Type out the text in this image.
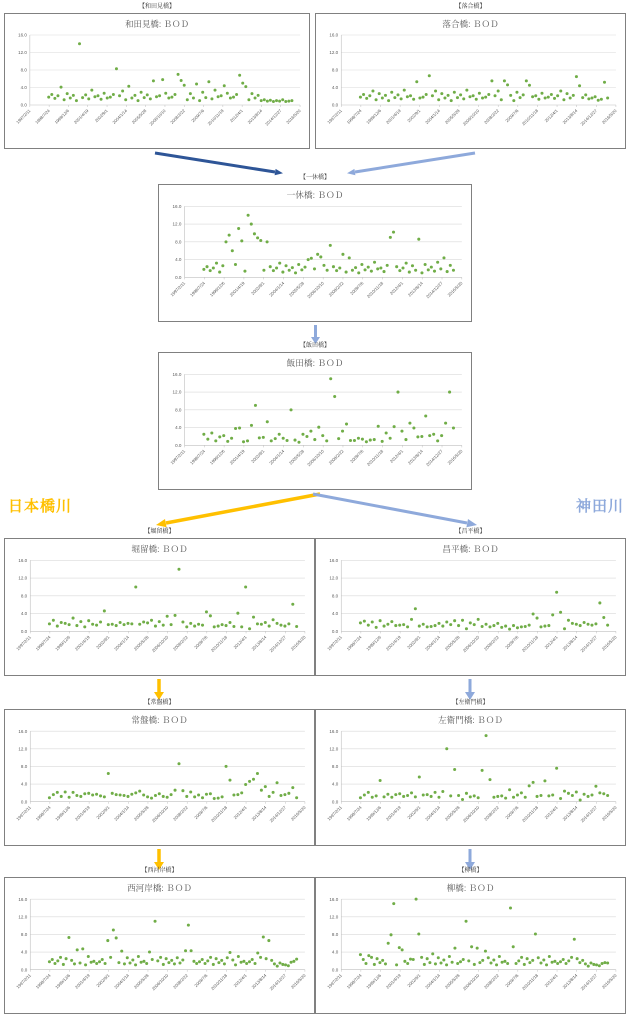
【和田見橋】	【落合橋】
和田見橋: ＢＯＤ
0.0
4.0
8.0
12.0
16.0
1997/2/11 1998/7/24 1999/12/6 2001/4/19 2002/9/1 2004/1/14 2005/5/28 2006/10/10 2008/2/22 2009/7/6 2010/11/18 2012/4/1 2013/8/14 2014/12/27 2016/5/20
落合橋: ＢＯＤ
0.0
4.0
8.0
12.0
16.0
1997/2/11 1998/7/24 1999/12/6 2001/4/19 2002/9/1 2004/1/14 2005/5/28 2006/10/10 2008/2/22 2009/7/6 2010/11/18 2012/4/1 2013/8/14 2014/12/27 2016/5/20
【一休橋】
一休橋: ＢＯＤ
0.0
4.0
8.0
12.0
16.0
1997/2/11 1998/7/24 1999/12/6 2001/4/19 2002/9/1 2004/1/14 2005/5/28 2006/10/10 2008/2/22 2009/7/6 2010/11/18 2012/4/1 2013/8/14 2014/12/27 2016/5/20
【飯田橋】
飯田橋: ＢＯＤ
0.0
4.0
8.0
12.0
16.0
1997/2/11 1998/7/24 1999/12/6 2001/4/19 2002/9/1 2004/1/14 2005/5/28 2006/10/10 2008/2/22 2009/7/6 2010/11/18 2012/4/1 2013/8/14 2014/12/27 2016/5/20
日本橋川	神田川
【堀留橋】	【昌平橋】
堀留橋: ＢＯＤ
0.0
4.0
8.0
12.0
16.0
1997/2/11 1998/7/24 1999/12/6 2001/4/19 2002/9/1 2004/1/14 2005/5/28 2006/10/10 2008/2/22 2009/7/6 2010/11/18 2012/4/1 2013/8/14 2014/12/27 2016/5/20
昌平橋: ＢＯＤ
0.0
4.0
8.0
12.0
16.0
1997/2/11 1998/7/24 1999/12/6 2001/4/19 2002/9/1 2004/1/14 2005/5/28 2006/10/10 2008/2/22 2009/7/6 2010/11/18 2012/4/1 2013/8/14 2014/12/27 2016/5/20
【常盤橋】	【左衛門橋】
常盤橋: ＢＯＤ
0.0
4.0
8.0
12.0
16.0
1997/2/11 1998/7/24 1999/12/6 2001/4/19 2002/9/1 2004/1/14 2005/5/28 2006/10/10 2008/2/22 2009/7/6 2010/11/18 2012/4/1 2013/8/14 2014/12/27 2016/5/20
左衛門橋: ＢＯＤ
0.0
4.0
8.0
12.0
16.0
1997/2/11 1998/7/24 1999/12/6 2001/4/19 2002/9/1 2004/1/14 2005/5/28 2006/10/10 2008/2/22 2009/7/6 2010/11/18 2012/4/1 2013/8/14 2014/12/27 2016/5/20
【西河岸橋】	【柳橋】
西河岸橋: ＢＯＤ
0.0
4.0
8.0
12.0
16.0
1997/2/11 1998/7/24 1999/12/6 2001/4/19 2002/9/1 2004/1/14 2005/5/28 2006/10/10 2008/2/22 2009/7/6 2010/11/18 2012/4/1 2013/8/14 2014/12/27 2016/5/20
柳橋: ＢＯＤ
0.0
4.0
8.0
12.0
16.0
1997/2/11 1998/7/24 1999/12/6 2001/4/19 2002/9/1 2004/1/14 2005/5/28 2006/10/10 2008/2/22 2009/7/6 2010/11/18 2012/4/1 2013/8/14 2014/12/27 2016/5/20
